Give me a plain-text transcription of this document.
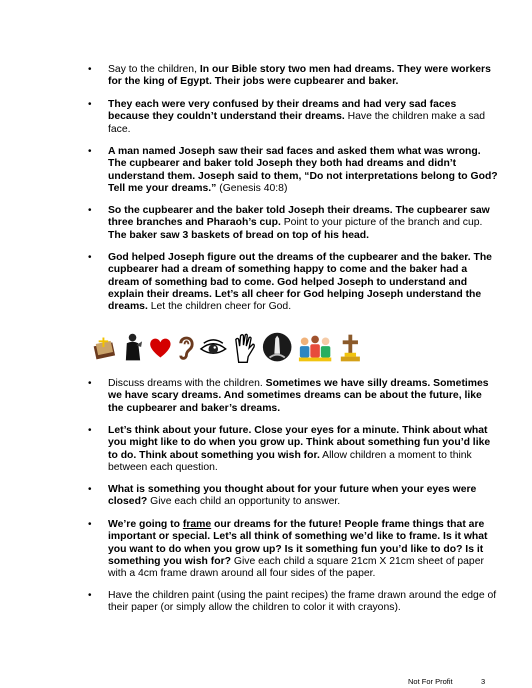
• Say to the children, In our Bible story two men had dreams. They were workers for the king of Egypt. Their jobs were cupbearer and baker.
• They each were very confused by their dreams and had very sad faces because they couldn’t understand their dreams. Have the children make a sad face.
• A man named Joseph saw their sad faces and asked them what was wrong. The cupbearer and baker told Joseph they both had dreams and didn’t understand them. Joseph said to them, “Do not interpretations belong to God? Tell me your dreams.” (Genesis 40:8)
• So the cupbearer and the baker told Joseph their dreams. The cupbearer saw three branches and Pharaoh’s cup. Point to your picture of the branch and cup. The baker saw 3 baskets of bread on top of his head.
• God helped Joseph figure out the dreams of the cupbearer and the baker. The cupbearer had a dream of something happy to come and the baker had a dream of something bad to come. God helped Joseph to understand and explain their dreams. Let’s all cheer for God helping Joseph understand the dreams. Let the children cheer for God.
• Discuss dreams with the children. Sometimes we have silly dreams. Sometimes we have scary dreams. And sometimes dreams can be about the future, like the cupbearer and baker’s dreams.
• Let’s think about your future. Close your eyes for a minute. Think about what you might like to do when you grow up. Think about something fun you’d like to do. Think about something you wish for. Allow children a moment to think between each question.
• What is something you thought about for your future when your eyes were closed? Give each child an opportunity to answer.
• We’re going to frame our dreams for the future! People frame things that are important or special. Let’s all think of something we’d like to frame. Is it what you want to do when you grow up? Is it something fun you’d like to do? Is it something you wish for? Give each child a square 21cm X 21cm sheet of paper with a 4cm frame drawn around all four sides of the paper.
• Have the children paint (using the paint recipes) the frame drawn around the edge of their paper (or simply allow the children to color it with crayons).
Not For Profit	3
